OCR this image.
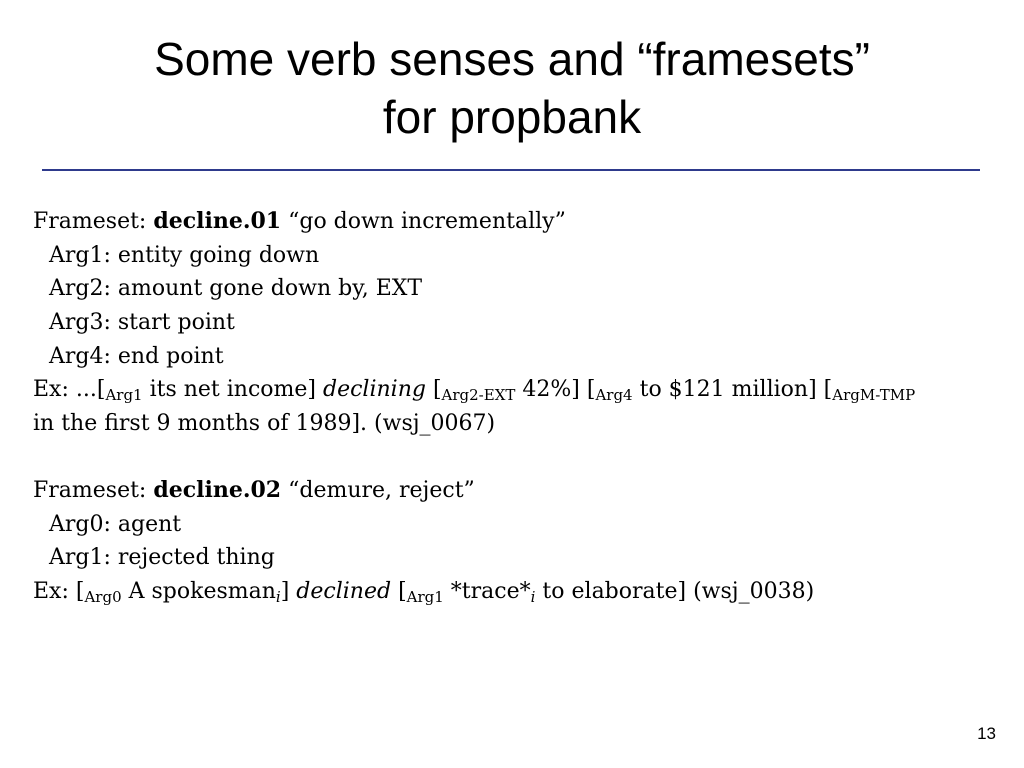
Some verb senses and “framesets”
for propbank
Frameset: decline.01 “go down incrementally”
Arg1: entity going down
Arg2: amount gone down by, EXT
Arg3: start point
Arg4: end point
Ex: $...[_{Arg1}$ its net income] declining [$_{Arg2-EXT}$ 42%] [$_{Arg4}$ to $121 million] [$_{ArgM-TMP}$
in the first 9 months of 1989]. (wsj_0067)
Frameset: decline.02 “demure, reject”
Arg0: agent
Arg1: rejected thing
Ex: [$_{Arg0}$ A spokesman$_i$] declined [$_{Arg1}$ $*trace*_i$ to elaborate] (wsj_0038)
13
